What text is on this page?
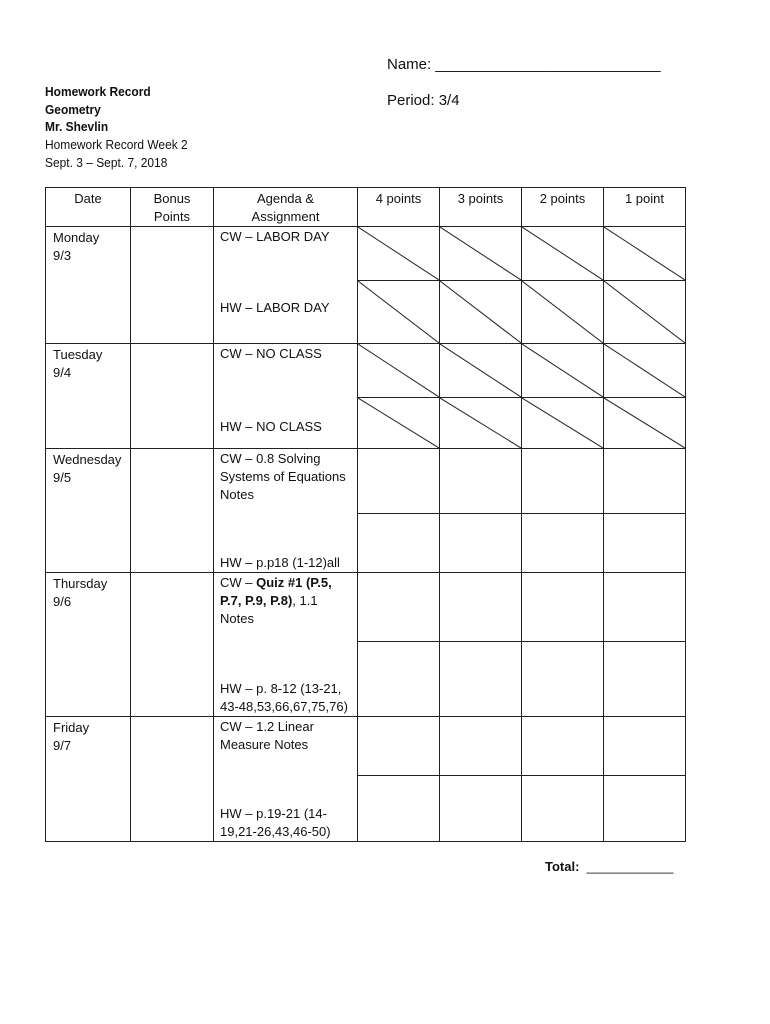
Name: ___________________________
Period: 3/4
Homework Record
Geometry
Mr. Shevlin
Homework Record Week 2
Sept. 3 – Sept. 7, 2018
Date	Bonus Points	Agenda & Assignment	4 points	3 points	2 points	1 point
Monday
9/3		CW – LABOR DAY
HW – LABOR DAY

Tuesday
9/4		CW – NO CLASS
HW – NO CLASS

Wednesday
9/5		CW – 0.8 Solving Systems of Equations Notes
HW – p.p18 (1-12)all				

Thursday
9/6		CW – Quiz #1 (P.5, P.7, P.9, P.8), 1.1 Notes
HW – p. 8-12 (13-21, 43-48,53,66,67,75,76)				

Friday
9/7		CW – 1.2 Linear Measure Notes
HW – p.19-21 (14-19,21-26,43,46-50)				

Total: ____________
